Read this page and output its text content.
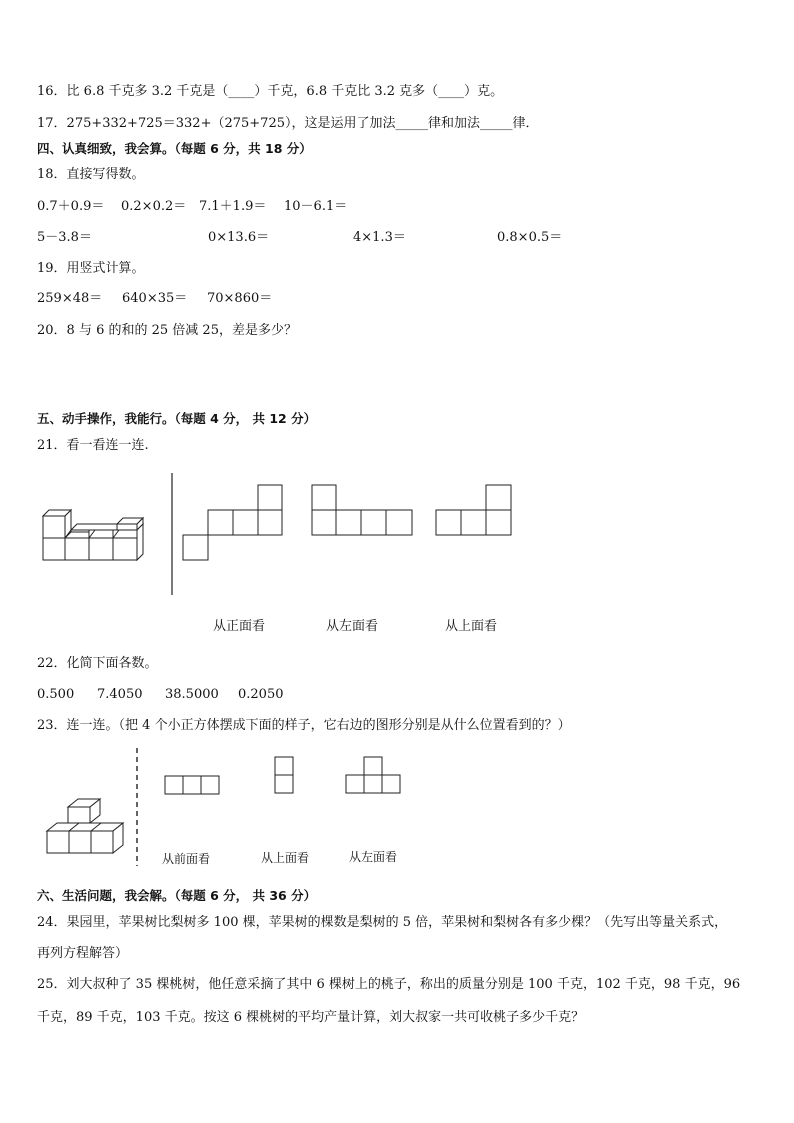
16．比 6.8 千克多 3.2 千克是（____）千克，6.8 千克比 3.2 克多（____）克。
17．275+332+725＝332+（275+725），这是运用了加法_____律和加法_____律．
四、认真细致，我会算。（每题 6 分，共 18 分）
18．直接写得数。
0.7＋0.9＝ 0.2×0.2＝ 7.1＋1.9＝ 10－6.1＝
5－3.8＝	0×13.6＝	4×1.3＝	0.8×0.5＝
19．用竖式计算。
259×48＝ 640×35＝ 70×860＝
20．8 与 6 的和的 25 倍减 25，差是多少？
五、动手操作，我能行。（每题 4 分， 共 12 分）
21．看一看连一连.
从正面看	从左面看	从上面看
22．化简下面各数。
0.500 7.4050 38.5000 0.2050
23．连一连。（把 4 个小正方体摆成下面的样子，它右边的图形分别是从什么位置看到的？）
从前面看	从上面看	从左面看
六、生活问题，我会解。（每题 6 分， 共 36 分）
24．果园里，苹果树比梨树多 100 棵，苹果树的棵数是梨树的 5 倍，苹果树和梨树各有多少棵？（先写出等量关系式，
再列方程解答）
25．刘大叔种了 35 棵桃树，他任意采摘了其中 6 棵树上的桃子，称出的质量分别是 100 千克，102 千克，98 千克，96
千克，89 千克，103 千克。按这 6 棵桃树的平均产量计算，刘大叔家一共可收桃子多少千克？
